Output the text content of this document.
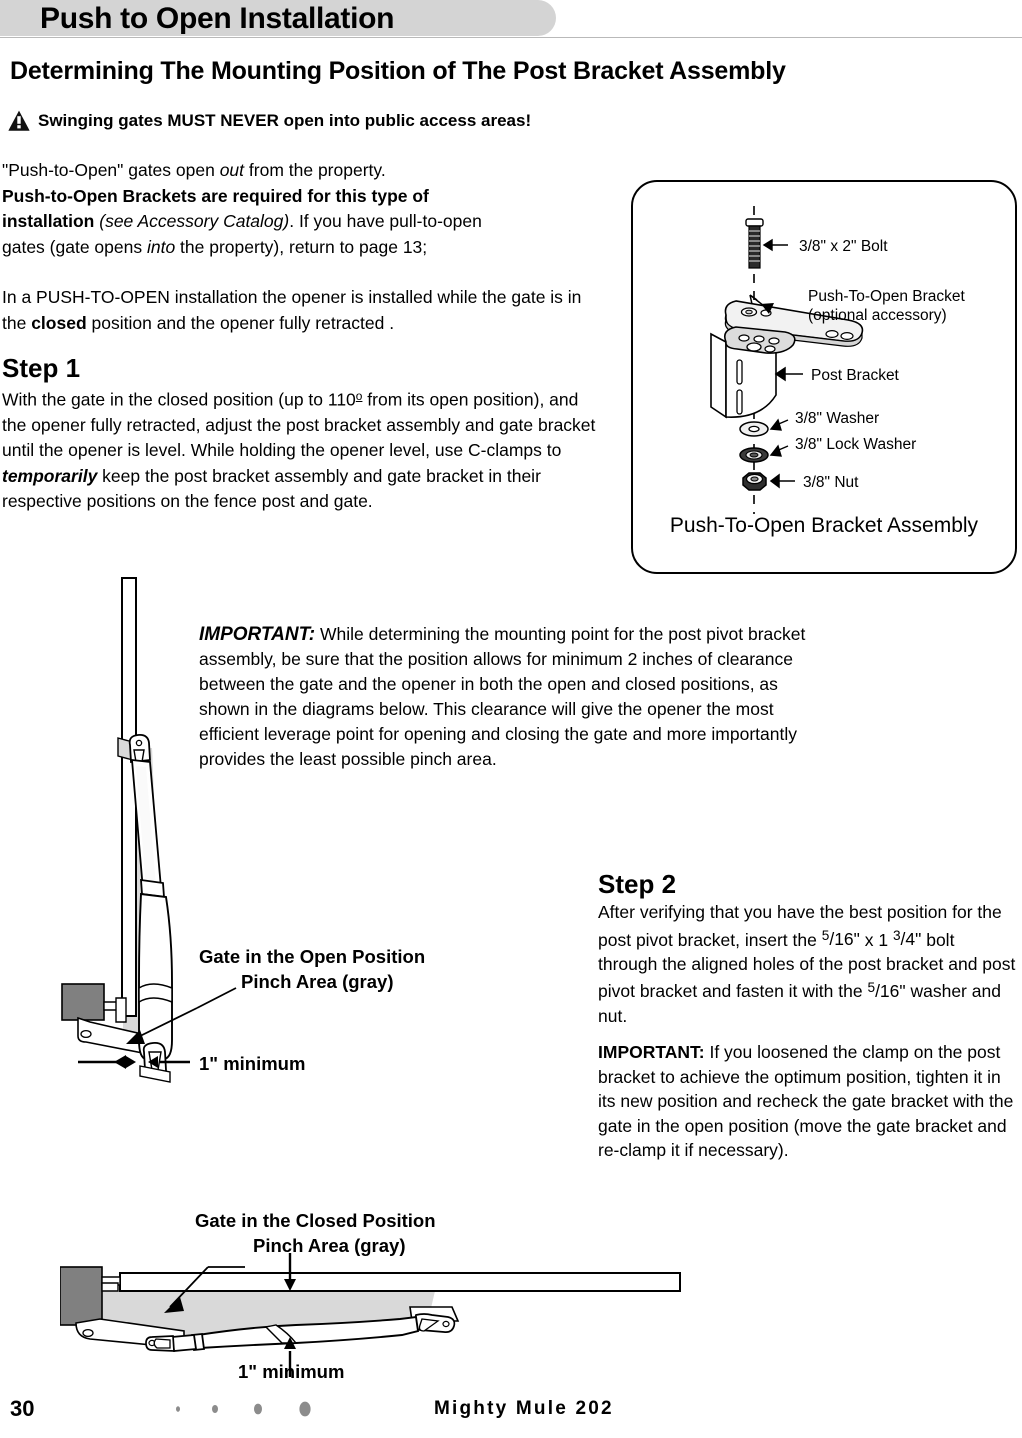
Push to Open Installation
Determining The Mounting Position of The Post Bracket Assembly
Swinging gates MUST NEVER open into public access areas!

"Push-to-Open" gates open out from the property.

Push-to-Open Brackets are required for this type of

installation (see Accessory Catalog). If you have pull-to-open

gates (gate opens into the property), return to page 13;

In a PUSH-TO-OPEN installation the opener is installed while the gate is in the closed position and the opener fully retracted .

Step 1

With the gate in the closed position (up to 110$^o$ from its open position), and the opener fully retracted, adjust the post bracket assembly and gate bracket until the opener is level. While holding the opener level, use C-clamps to temporarily keep the post bracket assembly and gate bracket in their respective positions on the fence post and gate.

3/8" x 2" Bolt
Push-To-Open Bracket
(optional accessory)
Post Bracket
3/8" Washer
3/8" Lock Washer
3/8" Nut
Push-To-Open Bracket Assembly

IMPORTANT: While determining the mounting point for the post pivot bracket assembly, be sure that the position allows for minimum 2 inches of clearance between the gate and the opener in both the open and closed positions, as shown in the diagrams below. This clearance will give the opener the most efficient leverage point for opening and closing the gate and more importantly provides the least possible pinch area.

Gate in the Open Position
Pinch Area (gray)
1" minimum

Step 2

After verifying that you have the best position for the post pivot bracket, insert the $^5$/16" x 1 $^3$/4" bolt through the aligned holes of the post bracket and post pivot bracket and fasten it with the $^5$/16" washer and nut.

IMPORTANT: If you loosened the clamp on the post bracket to achieve the optimum position, tighten it in its new position and recheck the gate bracket with the gate in the open position (move the gate bracket and re-clamp it if necessary).

Gate in the Closed Position
Pinch Area (gray)
1" minimum
30	Mighty Mule 202
